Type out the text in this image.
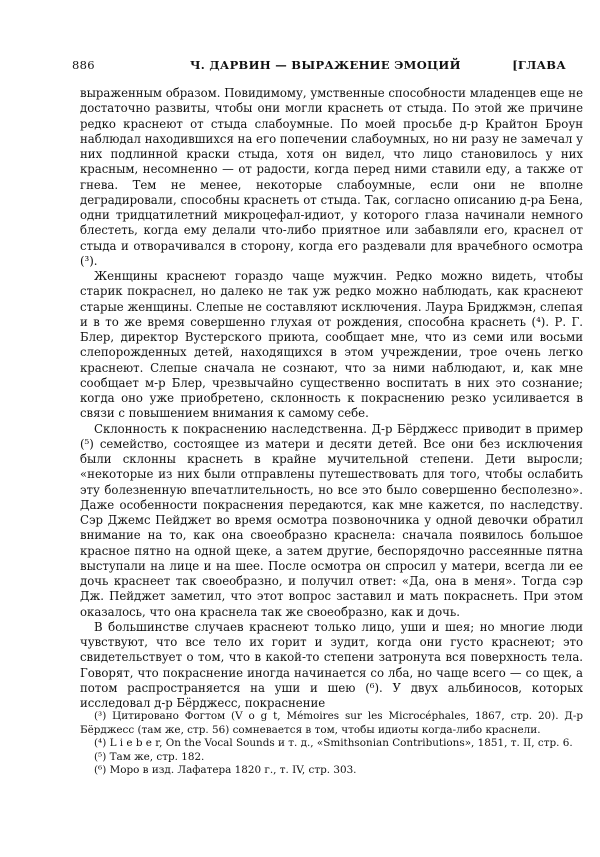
886	Ч. ДАРВИН — ВЫРАЖЕНИЕ ЭМОЦИЙ	[ГЛАВА

выраженным образом. Повидимому, умственные способности младенцев еще не достаточно развиты, чтобы они могли краснеть от стыда. По этой же причине редко краснеют от стыда слабоумные. По моей просьбе д-р Крайтон Броун наблюдал находившихся на его попечении слабоумных, но ни разу не замечал у них подлинной краски стыда, хотя он видел, что лицо становилось у них красным, несомненно — от радости, когда перед ними ставили еду, а также от гнева. Тем не менее, некоторые слабоумные, если они не вполне деградировали, способны краснеть от стыда. Так, согласно описанию д-ра Бена, одни тридцатилетний микроцефал-идиот, у которого глаза начинали немного блестеть, когда ему делали что-либо приятное или забавляли его, краснел от стыда и отворачивался в сторону, когда его раздевали для врачебного осмотра (³).

Женщины краснеют гораздо чаще мужчин. Редко можно видеть, чтобы старик покраснел, но далеко не так уж редко можно наблюдать, как краснеют старые женщины. Слепые не составляют исключения. Лаура Бриджмэн, слепая и в то же время совершенно глухая от рождения, способна краснеть (⁴). Р. Г. Блер, директор Вустерского приюта, сообщает мне, что из семи или восьми слепорожденных детей, находящихся в этом учреждении, трое очень легко краснеют. Слепые сначала не сознают, что за ними наблюдают, и, как мне сообщает м-р Блер, чрезвычайно существенно воспитать в них это сознание; когда оно уже приобретено, склонность к покраснению резко усиливается в связи с повышением внимания к самому себе.

Склонность к покраснению наследственна. Д-р Бёрджесс приводит в пример (⁵) семейство, состоящее из матери и десяти детей. Все они без исключения были склонны краснеть в крайне мучительной степени. Дети выросли; «некоторые из них были отправлены путешествовать для того, чтобы ослабить эту болезненную впечатлительность, но все это было совершенно бесполезно». Даже особенности покраснения передаются, как мне кажется, по наследству. Сэр Джемс Пейджет во время осмотра позвоночника у одной девочки обратил внимание на то, как она своеобразно краснела: сначала появилось большое красное пятно на одной щеке, а затем другие, беспорядочно рассеянные пятна выступали на лице и на шее. После осмотра он спросил у матери, всегда ли ее дочь краснеет так своеобразно, и получил ответ: «Да, она в меня». Тогда сэр Дж. Пейджет заметил, что этот вопрос заставил и мать покраснеть. При этом оказалось, что она краснела так же своеобразно, как и дочь.

В большинстве случаев краснеют только лицо, уши и шея; но многие люди чувствуют, что все тело их горит и зудит, когда они густо краснеют; это свидетельствует о том, что в какой-то степени затронута вся поверхность тела. Говорят, что покраснение иногда начинается со лба, но чаще всего — со щек, а потом распространяется на уши и шею (⁶). У двух альбиносов, которых исследовал д-р Бёрджесс, покраснение

(³) Цитировано Фогтом (V o g t, Mémoires sur les Microcéphales, 1867, стр. 20). Д-р Бёрджесс (там же, стр. 56) сомневается в том, чтобы идиоты когда-либо краснели.

(⁴) L i e b e r, On the Vocal Sounds и т. д., «Smithsonian Contributions», 1851, т. II, стр. 6.

(⁵) Там же, стр. 182.

(⁶) Моро в изд. Лафатера 1820 г., т. IV, стр. 303.
